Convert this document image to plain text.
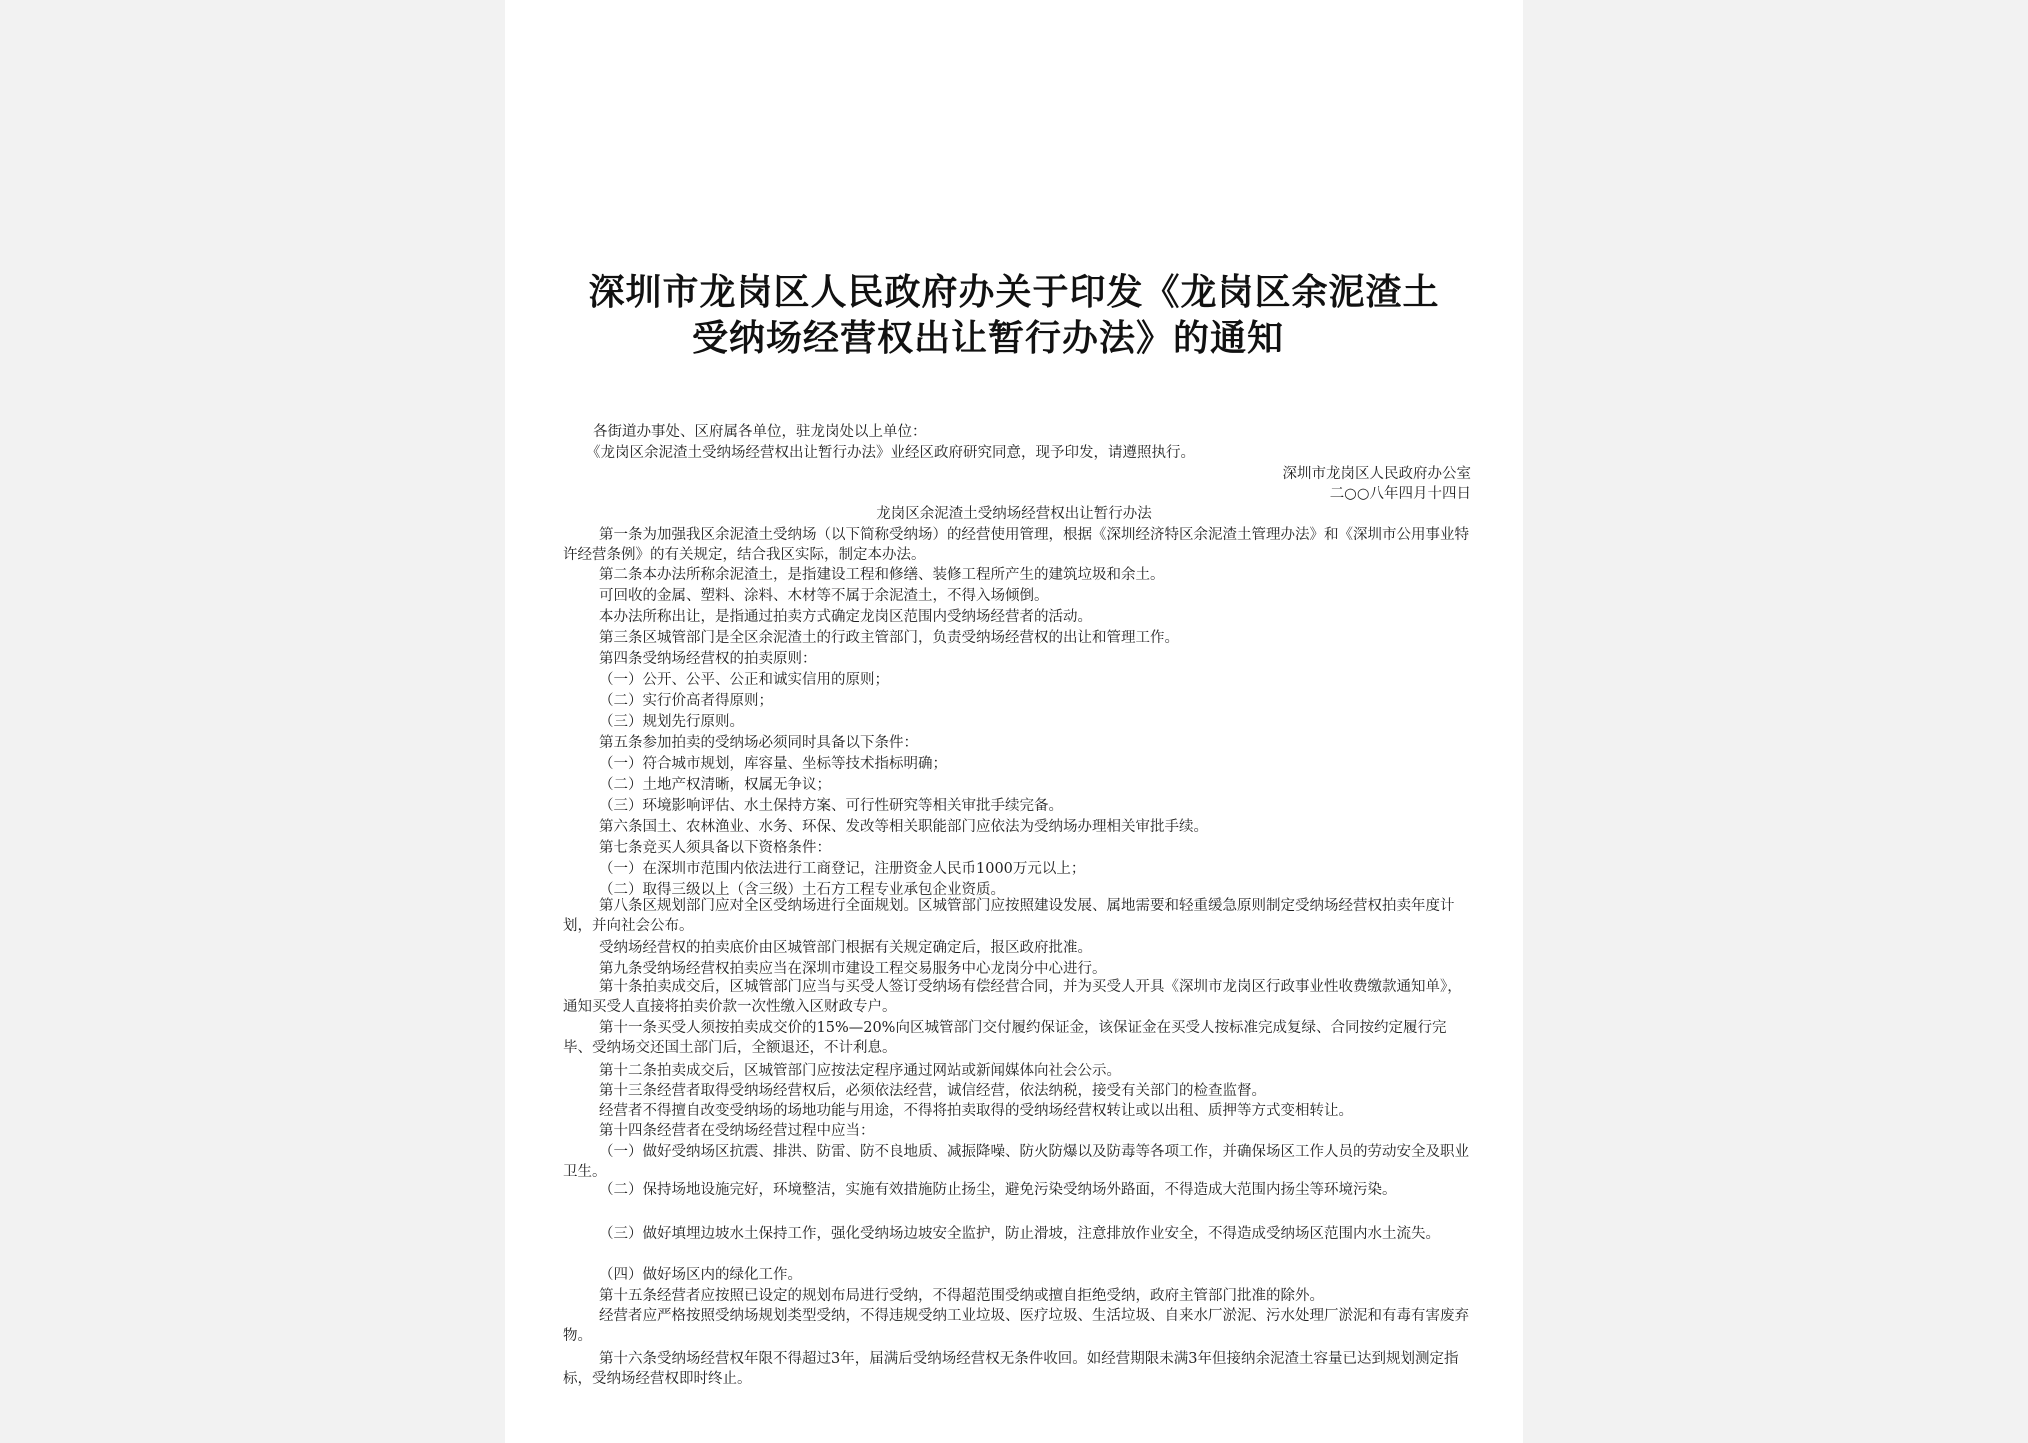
深圳市龙岗区人民政府办关于印发《龙岗区余泥渣土
受纳场经营权出让暂行办法》的通知
各街道办事处、区府属各单位，驻龙岗处以上单位：
《龙岗区余泥渣土受纳场经营权出让暂行办法》业经区政府研究同意，现予印发，请遵照执行。
深圳市龙岗区人民政府办公室
二○○八年四月十四日
龙岗区余泥渣土受纳场经营权出让暂行办法
第一条为加强我区余泥渣土受纳场（以下简称受纳场）的经营使用管理，根据《深圳经济特区余泥渣土管理办法》和《深圳市公用事业特许经营条例》的有关规定，结合我区实际，制定本办法。
第二条本办法所称余泥渣土，是指建设工程和修缮、装修工程所产生的建筑垃圾和余土。
可回收的金属、塑料、涂料、木材等不属于余泥渣土，不得入场倾倒。
本办法所称出让，是指通过拍卖方式确定龙岗区范围内受纳场经营者的活动。
第三条区城管部门是全区余泥渣土的行政主管部门，负责受纳场经营权的出让和管理工作。
第四条受纳场经营权的拍卖原则：
（一）公开、公平、公正和诚实信用的原则；
（二）实行价高者得原则；
（三）规划先行原则。
第五条参加拍卖的受纳场必须同时具备以下条件：
（一）符合城市规划，库容量、坐标等技术指标明确；
（二）土地产权清晰，权属无争议；
（三）环境影响评估、水土保持方案、可行性研究等相关审批手续完备。
第六条国土、农林渔业、水务、环保、发改等相关职能部门应依法为受纳场办理相关审批手续。
第七条竞买人须具备以下资格条件：
（一）在深圳市范围内依法进行工商登记，注册资金人民币1000万元以上；
（二）取得三级以上（含三级）土石方工程专业承包企业资质。
第八条区规划部门应对全区受纳场进行全面规划。区城管部门应按照建设发展、属地需要和轻重缓急原则制定受纳场经营权拍卖年度计划，并向社会公布。
受纳场经营权的拍卖底价由区城管部门根据有关规定确定后，报区政府批准。
第九条受纳场经营权拍卖应当在深圳市建设工程交易服务中心龙岗分中心进行。
第十条拍卖成交后，区城管部门应当与买受人签订受纳场有偿经营合同，并为买受人开具《深圳市龙岗区行政事业性收费缴款通知单》，通知买受人直接将拍卖价款一次性缴入区财政专户。
第十一条买受人须按拍卖成交价的15%—20%向区城管部门交付履约保证金，该保证金在买受人按标准完成复绿、合同按约定履行完毕、受纳场交还国土部门后，全额退还，不计利息。
第十二条拍卖成交后，区城管部门应按法定程序通过网站或新闻媒体向社会公示。
第十三条经营者取得受纳场经营权后，必须依法经营，诚信经营，依法纳税，接受有关部门的检查监督。
经营者不得擅自改变受纳场的场地功能与用途，不得将拍卖取得的受纳场经营权转让或以出租、质押等方式变相转让。
第十四条经营者在受纳场经营过程中应当：
（一）做好受纳场区抗震、排洪、防雷、防不良地质、减振降噪、防火防爆以及防毒等各项工作，并确保场区工作人员的劳动安全及职业卫生。
（二）保持场地设施完好，环境整洁，实施有效措施防止扬尘，避免污染受纳场外路面，不得造成大范围内扬尘等环境污染。
（三）做好填埋边坡水土保持工作，强化受纳场边坡安全监护，防止滑坡，注意排放作业安全，不得造成受纳场区范围内水土流失。
（四）做好场区内的绿化工作。
第十五条经营者应按照已设定的规划布局进行受纳，不得超范围受纳或擅自拒绝受纳，政府主管部门批准的除外。
经营者应严格按照受纳场规划类型受纳，不得违规受纳工业垃圾、医疗垃圾、生活垃圾、自来水厂淤泥、污水处理厂淤泥和有毒有害废弃物。
第十六条受纳场经营权年限不得超过3年，届满后受纳场经营权无条件收回。如经营期限未满3年但接纳余泥渣土容量已达到规划测定指标，受纳场经营权即时终止。
